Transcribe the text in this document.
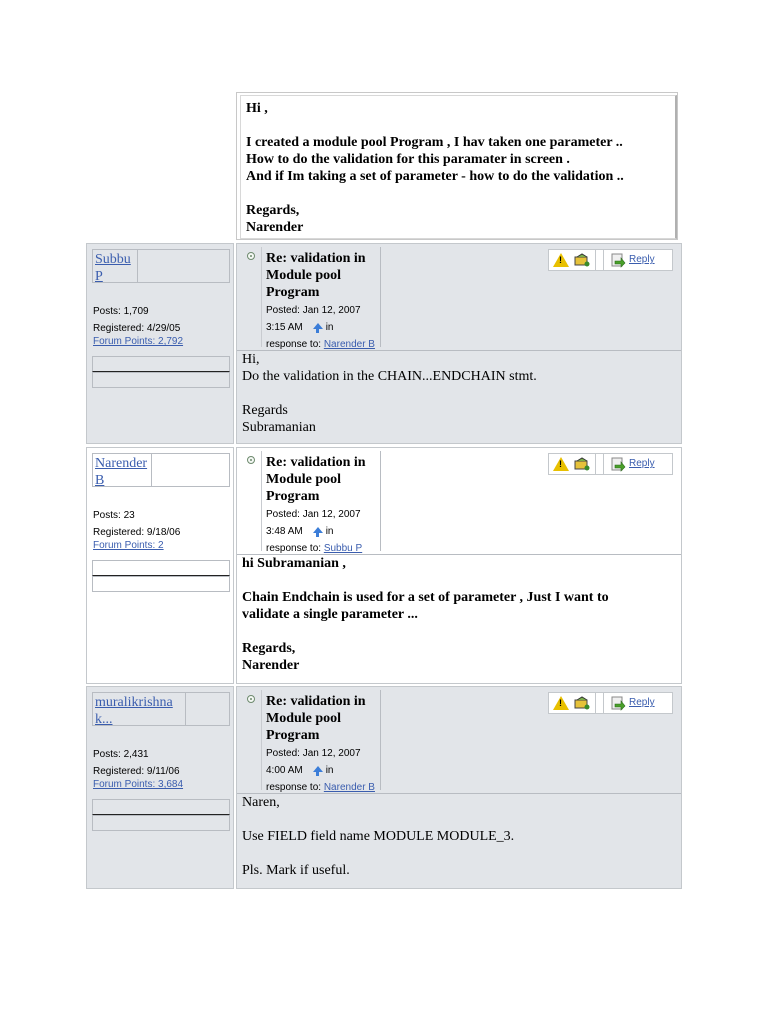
Hi ,

I created a module pool Program , I hav taken one parameter ..
How to do the validation for this paramater in screen .
And if Im taking a set of parameter - how to do the validation ..

Regards,
Narender
Subbu
P
Posts: 1,709
Registered: 4/29/05
Forum Points: 2,792
Re: validation in Module pool Program
Posted: Jan 12, 2007
3:15 AM in
response to: Narender B
!
Reply
Hi,
Do the validation in the CHAIN...ENDCHAIN stmt.

Regards
Subramanian
Narender
B
Posts: 23
Registered: 9/18/06
Forum Points: 2
Re: validation in Module pool Program
Posted: Jan 12, 2007
3:48 AM in
response to: Subbu P
!
Reply
hi Subramanian ,

Chain Endchain is used for a set of parameter , Just I want to
validate a single parameter ...

Regards,
Narender
muralikrishna
k...
Posts: 2,431
Registered: 9/11/06
Forum Points: 3,684
Re: validation in Module pool Program
Posted: Jan 12, 2007
4:00 AM in
response to: Narender B
!
Reply
Naren,

Use FIELD field name MODULE MODULE_3.

Pls. Mark if useful.
